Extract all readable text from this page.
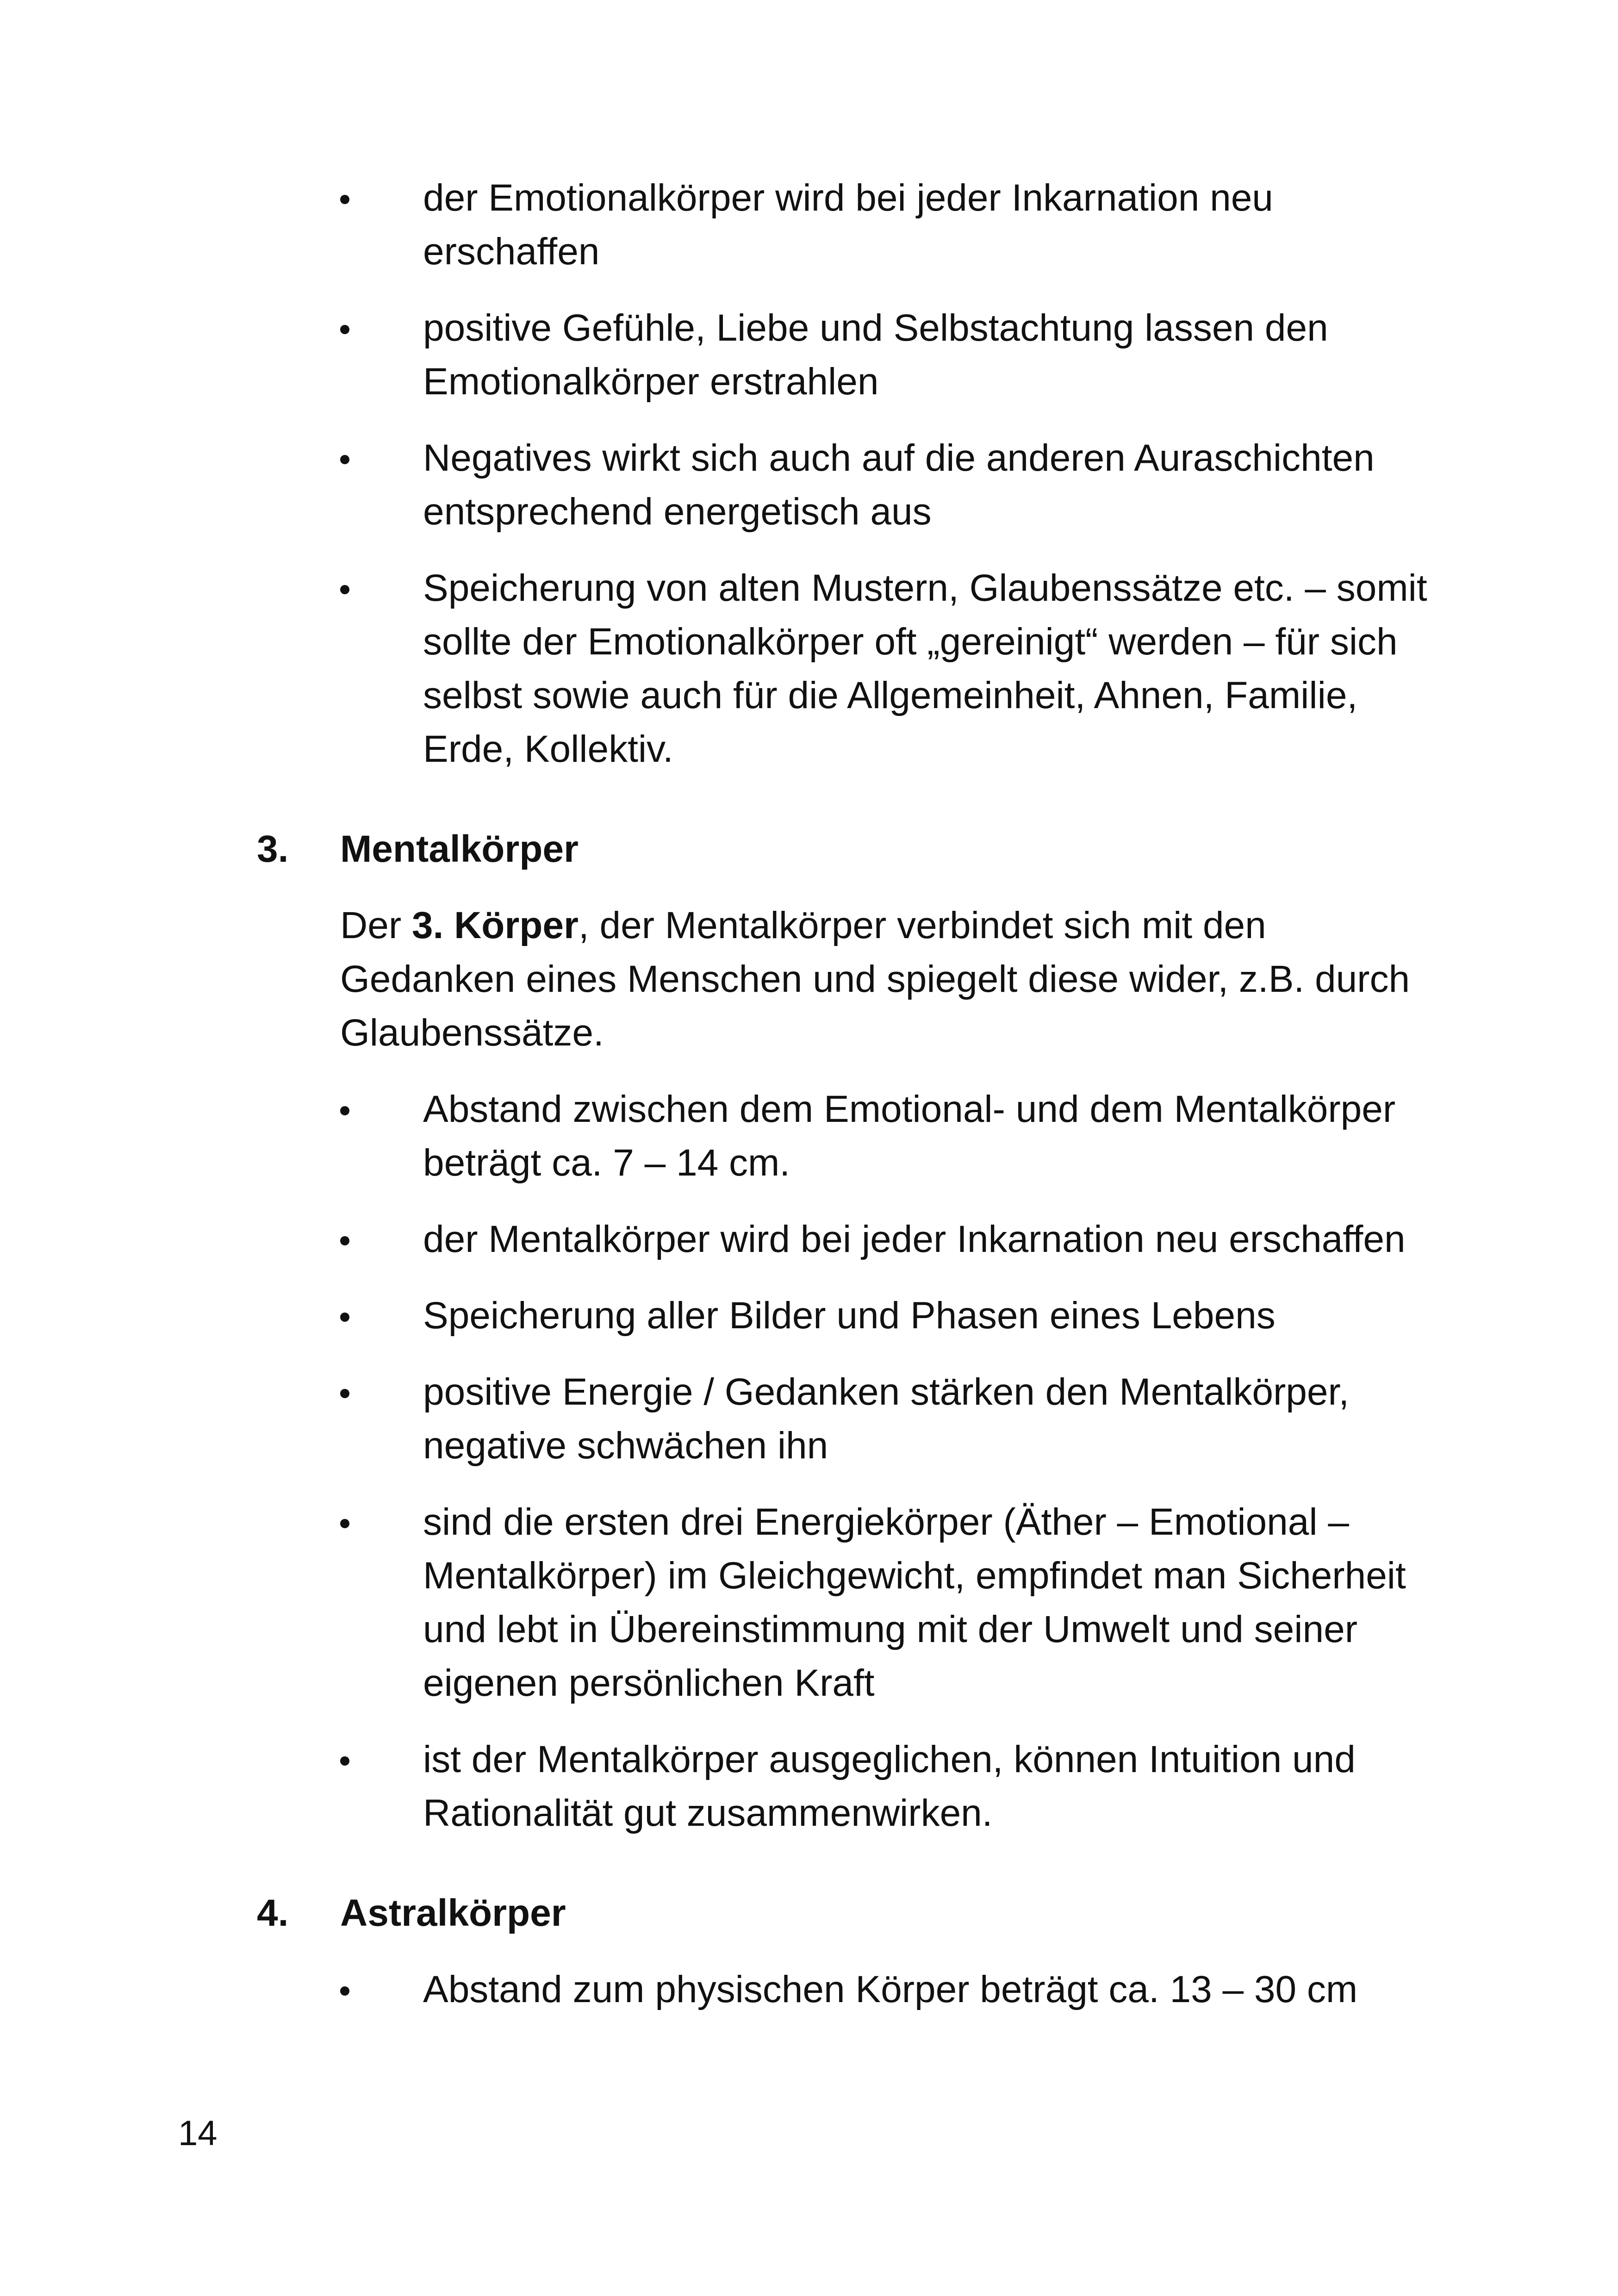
der Emotionalkörper wird bei jeder Inkarnation neu erschaffen
positive Gefühle, Liebe und Selbstachtung lassen den Emotionalkörper erstrahlen
Negatives wirkt sich auch auf die anderen Auraschichten entsprechend energetisch aus
Speicherung von alten Mustern, Glaubenssätze etc. – somit sollte der Emotionalkörper oft „gereinigt“ werden – für sich selbst sowie auch für die Allgemeinheit, Ahnen, Familie, Erde, Kollektiv.
3. Mentalkörper
Der 3. Körper, der Mentalkörper verbindet sich mit den Gedanken eines Menschen und spiegelt diese wider, z.B. durch Glaubenssätze.
Abstand zwischen dem Emotional- und dem Mentalkörper beträgt ca. 7 – 14 cm.
der Mentalkörper wird bei jeder Inkarnation neu erschaffen
Speicherung aller Bilder und Phasen eines Lebens
positive Energie / Gedanken stärken den Mentalkörper, negative schwächen ihn
sind die ersten drei Energiekörper (Äther – Emotional – Mentalkörper) im Gleichgewicht, empfindet man Sicherheit und lebt in Übereinstimmung mit der Umwelt und seiner eigenen persönlichen Kraft
ist der Mentalkörper ausgeglichen, können Intuition und Rationalität gut zusammenwirken.
4. Astralkörper
Abstand zum physischen Körper beträgt ca. 13 – 30 cm
14
